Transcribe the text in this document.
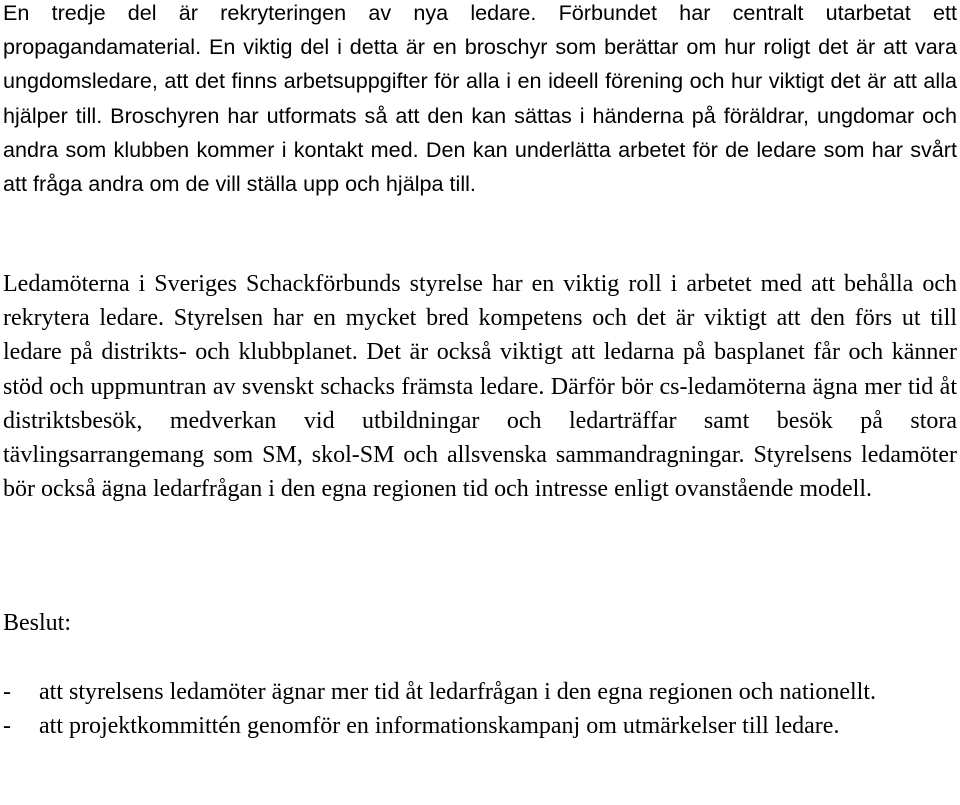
En tredje del är rekryteringen av nya ledare. Förbundet har centralt utarbetat ett propagandamaterial. En viktig del i detta är en broschyr som berättar om hur roligt det är att vara ungdomsledare, att det finns arbetsuppgifter för alla i en ideell förening och hur viktigt det är att alla hjälper till. Broschyren har utformats så att den kan sättas i händerna på föräldrar, ungdomar och andra som klubben kommer i kontakt med. Den kan underlätta arbetet för de ledare som har svårt att fråga andra om de vill ställa upp och hjälpa till.

Ledamöterna i Sveriges Schackförbunds styrelse har en viktig roll i arbetet med att behålla och rekrytera ledare. Styrelsen har en mycket bred kompetens och det är viktigt att den förs ut till ledare på distrikts- och klubbplanet. Det är också viktigt att ledarna på basplanet får och känner stöd och uppmuntran av svenskt schacks främsta ledare. Därför bör cs-ledamöterna ägna mer tid åt distriktsbesök, medverkan vid utbildningar och ledarträffar samt besök på stora tävlingsarrangemang som SM, skol-SM och allsvenska sammandragningar. Styrelsens ledamöter bör också ägna ledarfrågan i den egna regionen tid och intresse enligt ovanstående modell.

Beslut:

-	att styrelsens ledamöter ägnar mer tid åt ledarfrågan i den egna regionen och nationellt.
-	att projektkommittén genomför en informationskampanj om utmärkelser till ledare.
